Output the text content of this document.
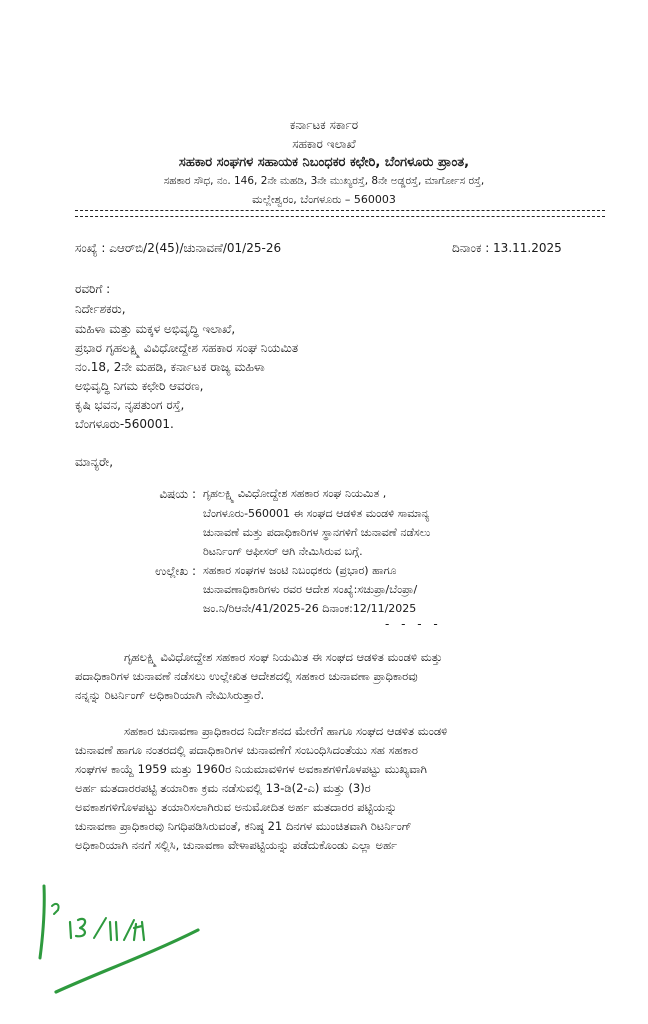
ಕರ್ನಾಟಕ ಸರ್ಕಾರ
ಸಹಕಾರ ಇಲಾಖೆ
ಸಹಕಾರ ಸಂಘಗಳ ಸಹಾಯಕ ನಿಬಂಧಕರ ಕಛೇರಿ, ಬೆಂಗಳೂರು ಪ್ರಾಂತ,
ಸಹಕಾರ ಸೌಧ, ನಂ. 146, 2ನೇ ಮಹಡಿ, 3ನೇ ಮುಖ್ಯರಸ್ತೆ, 8ನೇ ಅಡ್ಡರಸ್ತೆ, ಮಾರ್ಗೋಸ ರಸ್ತೆ,
ಮಲ್ಲೇಶ್ವರಂ, ಬೆಂಗಳೂರು – 560003
ಸಂಖ್ಯೆ : ಎಆರ್‌ಬಿ/2(45)/ಚುನಾವಣೆ/01/25-26	ದಿನಾಂಕ : 13.11.2025
ರವರಿಗೆ :
ನಿರ್ದೇಶಕರು,
ಮಹಿಳಾ ಮತ್ತು ಮಕ್ಕಳ ಅಭಿವೃದ್ಧಿ ಇಲಾಖೆ,
ಪ್ರಭಾರ ಗೃಹಲಕ್ಷ್ಮಿ ವಿವಿಧೋದ್ದೇಶ ಸಹಕಾರ ಸಂಘ ನಿಯಮಿತ
ನಂ.18, 2ನೇ ಮಹಡಿ, ಕರ್ನಾಟಕ ರಾಜ್ಯ ಮಹಿಳಾ
ಅಭಿವೃದ್ಧಿ ನಿಗಮ ಕಛೇರಿ ಆವರಣ,
ಕೃಷಿ ಭವನ, ನೃಪತುಂಗ ರಸ್ತೆ,
ಬೆಂಗಳೂರು-560001.
ಮಾನ್ಯರೇ,
ವಿಷಯ : ಗೃಹಲಕ್ಷ್ಮಿ ವಿವಿಧೋದ್ದೇಶ ಸಹಕಾರ ಸಂಘ ನಿಯಮಿತ ,
ಬೆಂಗಳೂರು-560001 ಈ ಸಂಘದ ಆಡಳಿತ ಮಂಡಳಿ ಸಾಮಾನ್ಯ
ಚುನಾವಣೆ ಮತ್ತು ಪದಾಧಿಕಾರಿಗಳ ಸ್ಥಾನಗಳಿಗೆ ಚುನಾವಣೆ ನಡೆಸಲು
ರಿಟರ್ನಿಂಗ್ ಆಫೀಸರ್ ಆಗಿ ನೇಮಿಸಿರುವ ಬಗ್ಗೆ.
ಉಲ್ಲೇಖ : ಸಹಕಾರ ಸಂಘಗಳ ಜಂಟಿ ನಿಬಂಧಕರು (ಪ್ರಭಾರ) ಹಾಗೂ
ಚುನಾವಣಾಧಿಕಾರಿಗಳು ರವರ ಆದೇಶ ಸಂಖ್ಯೆ:ಸಚುಪ್ರಾ/ಬೆಂಪ್ರಾ/
ಜಂ.ನಿ/ರಿಆನೇ/41/2025-26 ದಿನಾಂಕ:12/11/2025
- - - -
ಗೃಹಲಕ್ಷ್ಮಿ ವಿವಿಧೋದ್ದೇಶ ಸಹಕಾರ ಸಂಘ ನಿಯಮಿತ ಈ ಸಂಘದ ಆಡಳಿತ ಮಂಡಳಿ ಮತ್ತು
ಪದಾಧಿಕಾರಿಗಳ ಚುನಾವಣೆ ನಡೆಸಲು ಉಲ್ಲೇಖಿತ ಆದೇಶದಲ್ಲಿ ಸಹಕಾರ ಚುನಾವಣಾ ಪ್ರಾಧಿಕಾರವು
ನನ್ನನ್ನು ರಿಟರ್ನಿಂಗ್ ಅಧಿಕಾರಿಯಾಗಿ ನೇಮಿಸಿರುತ್ತಾರೆ.
ಸಹಕಾರ ಚುನಾವಣಾ ಪ್ರಾಧಿಕಾರದ ನಿರ್ದೇಶನದ ಮೇರೆಗೆ ಹಾಗೂ ಸಂಘದ ಆಡಳಿತ ಮಂಡಳಿ
ಚುನಾವಣೆ ಹಾಗೂ ನಂತರದಲ್ಲಿ ಪದಾಧಿಕಾರಿಗಳ ಚುನಾವಣೆಗೆ ಸಂಬಂಧಿಸಿದಂತೆಯು ಸಹ ಸಹಕಾರ
ಸಂಘಗಳ ಕಾಯ್ದೆ 1959 ಮತ್ತು 1960ರ ನಿಯಮಾವಳಿಗಳ ಅವಕಾಶಗಳಿಗೊಳಪಟ್ಟು ಮುಖ್ಯವಾಗಿ
ಅರ್ಹ ಮತದಾರರಪಟ್ಟಿ ತಯಾರಿಕಾ ಕ್ರಮ ನಡೆಸುವಲ್ಲಿ 13-ಡಿ(2-ಎ) ಮತ್ತು (3)ರ
ಅವಕಾಶಗಳಿಗೊಳಪಟ್ಟು ತಯಾರಿಸಲಾಗಿರುವ ಅನುಮೋದಿತ ಅರ್ಹ ಮತದಾರರ ಪಟ್ಟಿಯನ್ನು
ಚುನಾವಣಾ ಪ್ರಾಧಿಕಾರವು ನಿಗಧಿಪಡಿಸಿರುವಂತೆ, ಕನಿಷ್ಠ 21 ದಿನಗಳ ಮುಂಚಿತವಾಗಿ ರಿಟರ್ನಿಂಗ್
ಅಧಿಕಾರಿಯಾಗಿ ನನಗೆ ಸಲ್ಲಿಸಿ, ಚುನಾವಣಾ ವೇಳಾಪಟ್ಟಿಯನ್ನು ಪಡೆದುಕೊಂಡು ಎಲ್ಲಾ ಅರ್ಹ
13/11/24
